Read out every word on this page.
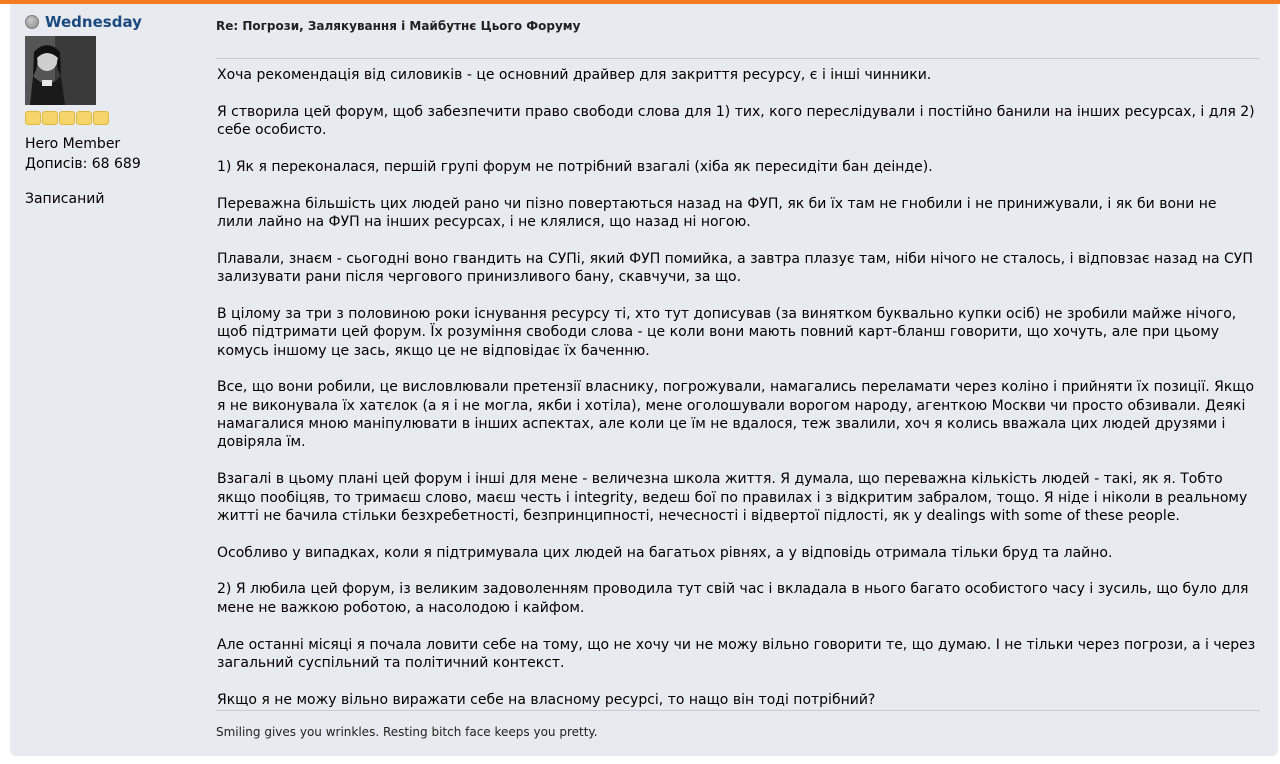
Wednesday
Hero Member
Дописів: 68 689
Записаний
Re: Погрози, Залякування і Майбутнє Цього Форуму

Хоча рекомендація від силовиків - це основний драйвер для закриття ресурсу, є і інші чинники.

Я створила цей форум, щоб забезпечити право свободи слова для 1) тих, кого переслідували і постійно банили на інших ресурсах, і для 2) себе особисто.

1) Як я переконалася, першій групі форум не потрібний взагалі (хіба як пересидіти бан деінде).

Переважна більшість цих людей рано чи пізно повертаються назад на ФУП, як би їх там не гнобили і не принижували, і як би вони не лили лайно на ФУП на інших ресурсах, і не клялися, що назад ні ногою.

Плавали, знаєм - сьогодні воно гвандить на СУПі, який ФУП помийка, а завтра плазує там, ніби нічого не сталось, і відповзає назад на СУП зализувати рани після чергового принизливого бану, скавчучи, за що.

В цілому за три з половиною роки існування ресурсу ті, хто тут дописував (за винятком буквально купки осіб) не зробили майже нічого, щоб підтримати цей форум. Їх розуміння свободи слова - це коли вони мають повний карт-бланш говорити, що хочуть, але при цьому комусь іншому це зась, якщо це не відповідає їх баченню.

Все, що вони робили, це висловлювали претензії власнику, погрожували, намагались переламати через коліно і прийняти їх позиції. Якщо я не виконувала їх хатєлок (а я і не могла, якби і хотіла), мене оголошували ворогом народу, агенткою Москви чи просто обзивали. Деякі намагалися мною маніпулювати в інших аспектах, але коли це їм не вдалося, теж звалили, хоч я колись вважала цих людей друзями і довіряла їм.

Взагалі в цьому плані цей форум і інші для мене - величезна школа життя. Я думала, що переважна кількість людей - такі, як я. Тобто якщо пообіцяв, то тримаєш слово, маєш честь і integrity, ведеш бої по правилах і з відкритим забралом, тощо. Я ніде і ніколи в реальному житті не бачила стільки безхребетності, безпринципності, нечесності і відвертої підлості, як у dealings with some of these people.

Особливо у випадках, коли я підтримувала цих людей на багатьох рівнях, а у відповідь отримала тільки бруд та лайно.

2) Я любила цей форум, із великим задоволенням проводила тут свій час і вкладала в нього багато особистого часу і зусиль, що було для мене не важкою роботою, а насолодою і кайфом.

Але останні місяці я почала ловити себе на тому, що не хочу чи не можу вільно говорити те, що думаю. І не тільки через погрози, а і через загальний суспільний та політичний контекст.

Якщо я не можу вільно виражати себе на власному ресурсі, то нащо він тоді потрібний?

Smiling gives you wrinkles. Resting bitch face keeps you pretty.
